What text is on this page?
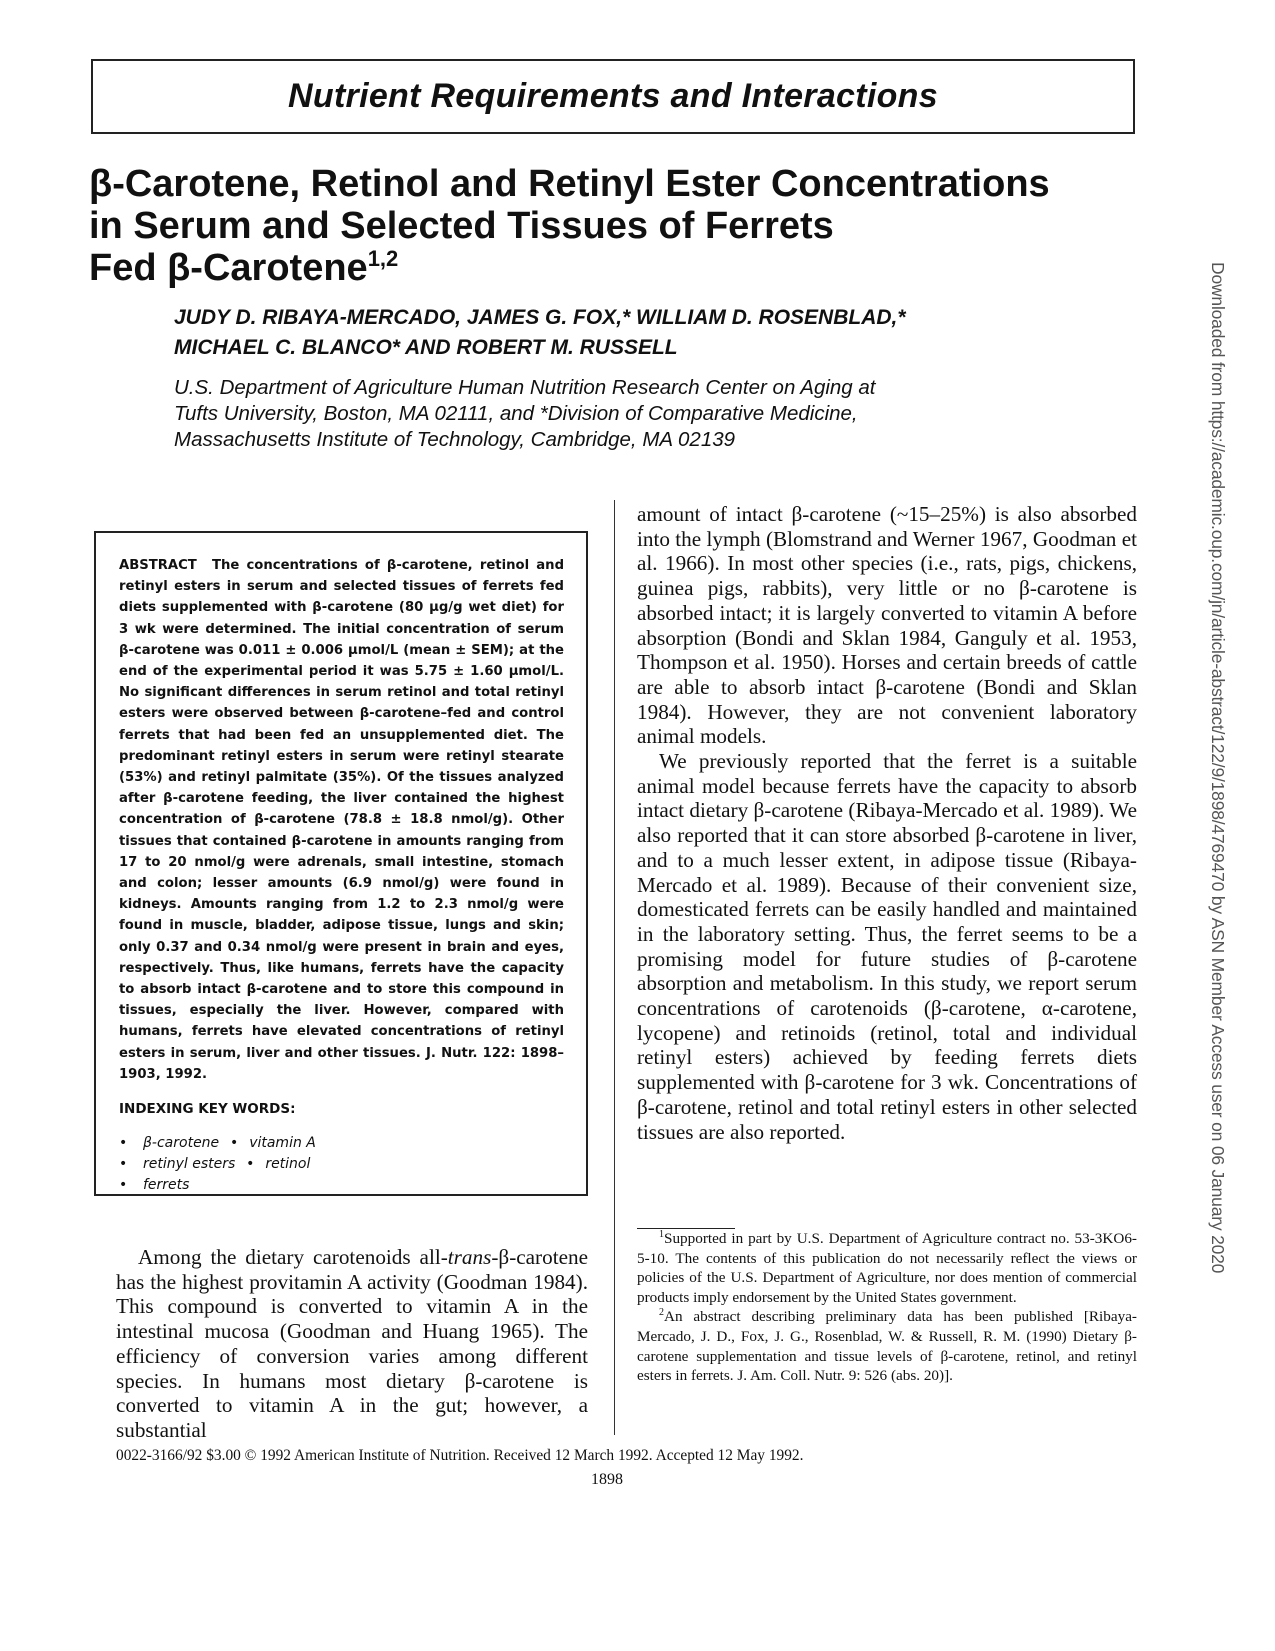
Nutrient Requirements and Interactions
β-Carotene, Retinol and Retinyl Ester Concentrations
in Serum and Selected Tissues of Ferrets
Fed β-Carotene$^{1,2}$
JUDY D. RIBAYA-MERCADO, JAMES G. FOX,* WILLIAM D. ROSENBLAD,*
MICHAEL C. BLANCO* AND ROBERT M. RUSSELL
U.S. Department of Agriculture Human Nutrition Research Center on Aging at
Tufts University, Boston, MA 02111, and *Division of Comparative Medicine,
Massachusetts Institute of Technology, Cambridge, MA 02139

ABSTRACT The concentrations of β-carotene, retinol and retinyl esters in serum and selected tissues of ferrets fed diets supplemented with β-carotene (80 µg/g wet diet) for 3 wk were determined. The initial concentration of serum β-carotene was 0.011 ± 0.006 µmol/L (mean ± SEM); at the end of the experimental period it was 5.75 ± 1.60 µmol/L. No significant differences in serum retinol and total retinyl esters were observed between β-carotene–fed and control ferrets that had been fed an unsupplemented diet. The predominant retinyl esters in serum were retinyl stearate (53%) and retinyl palmitate (35%). Of the tissues analyzed after β-carotene feeding, the liver contained the highest concentration of β-carotene (78.8 ± 18.8 nmol/g). Other tissues that contained β-carotene in amounts ranging from 17 to 20 nmol/g were adrenals, small intestine, stomach and colon; lesser amounts (6.9 nmol/g) were found in kidneys. Amounts ranging from 1.2 to 2.3 nmol/g were found in muscle, bladder, adipose tissue, lungs and skin; only 0.37 and 0.34 nmol/g were present in brain and eyes, respectively. Thus, like humans, ferrets have the capacity to absorb intact β-carotene and to store this compound in tissues, especially the liver. However, compared with humans, ferrets have elevated concentrations of retinyl esters in serum, liver and other tissues. J. Nutr. 122: 1898–1903, 1992.

INDEXING KEY WORDS:
• β-carotene • vitamin A
• retinyl esters • retinol
• ferrets

Among the dietary carotenoids all-trans-β-carotene has the highest provitamin A activity (Goodman 1984). This compound is converted to vitamin A in the intestinal mucosa (Goodman and Huang 1965). The efficiency of conversion varies among different species. In humans most dietary β-carotene is converted to vitamin A in the gut; however, a substantial

amount of intact β-carotene (~15–25%) is also absorbed into the lymph (Blomstrand and Werner 1967, Goodman et al. 1966). In most other species (i.e., rats, pigs, chickens, guinea pigs, rabbits), very little or no β-carotene is absorbed intact; it is largely converted to vitamin A before absorption (Bondi and Sklan 1984, Ganguly et al. 1953, Thompson et al. 1950). Horses and certain breeds of cattle are able to absorb intact β-carotene (Bondi and Sklan 1984). However, they are not convenient laboratory animal models.

We previously reported that the ferret is a suitable animal model because ferrets have the capacity to absorb intact dietary β-carotene (Ribaya-Mercado et al. 1989). We also reported that it can store absorbed β-carotene in liver, and to a much lesser extent, in adipose tissue (Ribaya-Mercado et al. 1989). Because of their convenient size, domesticated ferrets can be easily handled and maintained in the laboratory setting. Thus, the ferret seems to be a promising model for future studies of β-carotene absorption and metabolism. In this study, we report serum concentrations of carotenoids (β-carotene, α-carotene, lycopene) and retinoids (retinol, total and individual retinyl esters) achieved by feeding ferrets diets supplemented with β-carotene for 3 wk. Concentrations of β-carotene, retinol and total retinyl esters in other selected tissues are also reported.

$^1$Supported in part by U.S. Department of Agriculture contract no. 53-3KO6-5-10. The contents of this publication do not necessarily reflect the views or policies of the U.S. Department of Agriculture, nor does mention of commercial products imply endorsement by the United States government.

$^2$An abstract describing preliminary data has been published [Ribaya-Mercado, J. D., Fox, J. G., Rosenblad, W. & Russell, R. M. (1990) Dietary β-carotene supplementation and tissue levels of β-carotene, retinol, and retinyl esters in ferrets. J. Am. Coll. Nutr. 9: 526 (abs. 20)].

0022-3166/92 $3.00 © 1992 American Institute of Nutrition. Received 12 March 1992. Accepted 12 May 1992.
1898
Downloaded from https://academic.oup.com/jn/article-abstract/122/9/1898/4769470 by ASN Member Access user on 06 January 2020
